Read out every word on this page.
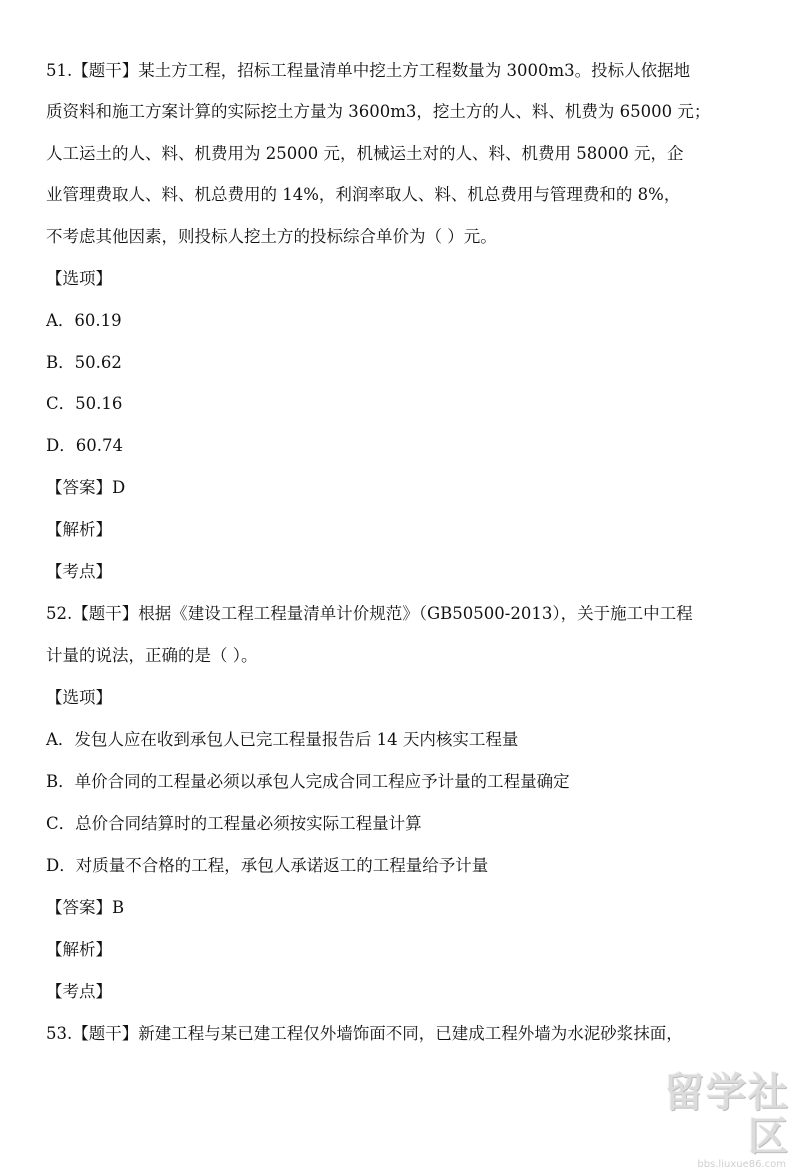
51.【题干】某土方工程，招标工程量清单中挖土方工程数量为 3000m3。投标人依据地
质资料和施工方案计算的实际挖土方量为 3600m3，挖土方的人、料、机费为 65000 元；
人工运土的人、料、机费用为 25000 元，机械运土对的人、料、机费用 58000 元，企
业管理费取人、料、机总费用的 14%，利润率取人、料、机总费用与管理费和的 8%，
不考虑其他因素，则投标人挖土方的投标综合单价为（ ）元。
【选项】
A．60.19
B．50.62
C．50.16
D．60.74
【答案】D
【解析】
【考点】
52.【题干】根据《建设工程工程量清单计价规范》（GB50500-2013），关于施工中工程
计量的说法，正确的是（ ）。
【选项】
A．发包人应在收到承包人已完工程量报告后 14 天内核实工程量
B．单价合同的工程量必须以承包人完成合同工程应予计量的工程量确定
C．总价合同结算时的工程量必须按实际工程量计算
D．对质量不合格的工程，承包人承诺返工的工程量给予计量
【答案】B
【解析】
【考点】
53.【题干】新建工程与某已建工程仅外墙饰面不同，已建成工程外墙为水泥砂浆抹面，
留学社区
bbs.liuxue86.com
